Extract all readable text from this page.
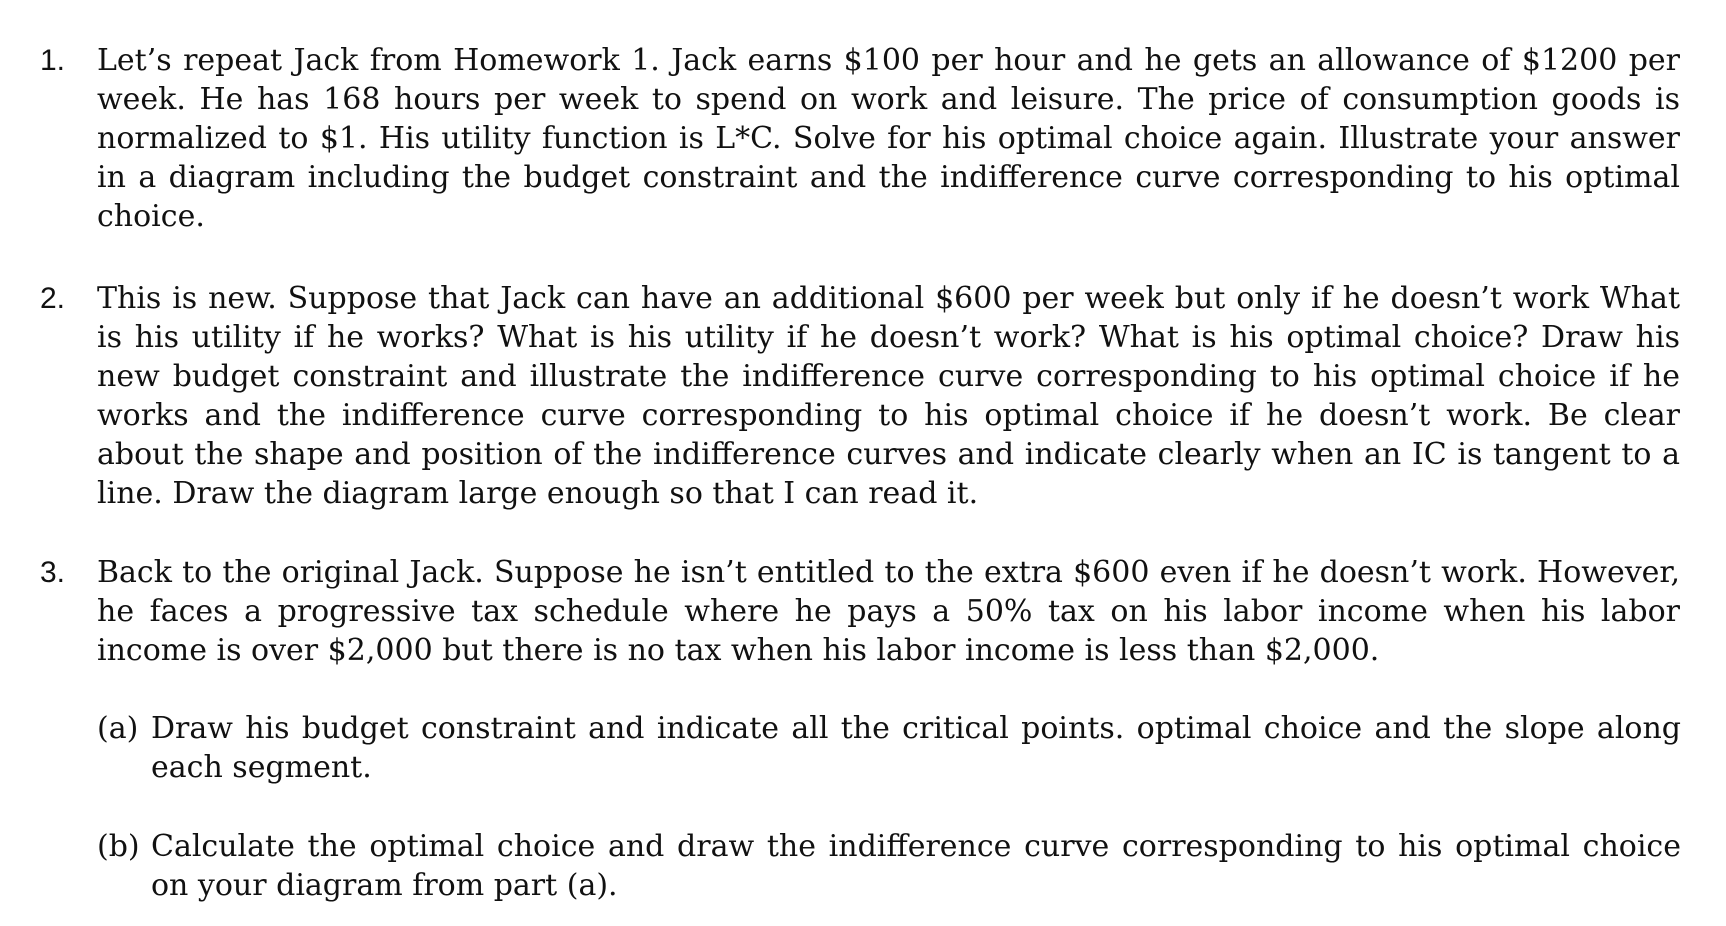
1.	Let’s repeat Jack from Homework 1. Jack earns $100 per hour and he gets an allowance of $1200 per week. He has 168 hours per week to spend on work and leisure. The price of consumption goods is normalized to $1. His utility function is L*C. Solve for his optimal choice again. Illustrate your answer in a diagram including the budget constraint and the indifference curve corresponding to his optimal choice.
2.	This is new. Suppose that Jack can have an additional $600 per week but only if he doesn’t work What is his utility if he works? What is his utility if he doesn’t work? What is his optimal choice? Draw his new budget constraint and illustrate the indifference curve corresponding to his optimal choice if he works and the indifference curve corresponding to his optimal choice if he doesn’t work. Be clear about the shape and position of the indifference curves and indicate clearly when an IC is tangent to a line. Draw the diagram large enough so that I can read it.
3.	Back to the original Jack. Suppose he isn’t entitled to the extra $600 even if he doesn’t work. However, he faces a progressive tax schedule where he pays a 50% tax on his labor income when his labor income is over $2,000 but there is no tax when his labor income is less than $2,000.
(a) Draw his budget constraint and indicate all the critical points. optimal choice and the slope along each segment.
(b) Calculate the optimal choice and draw the indifference curve corresponding to his optimal choice on your diagram from part (a).
